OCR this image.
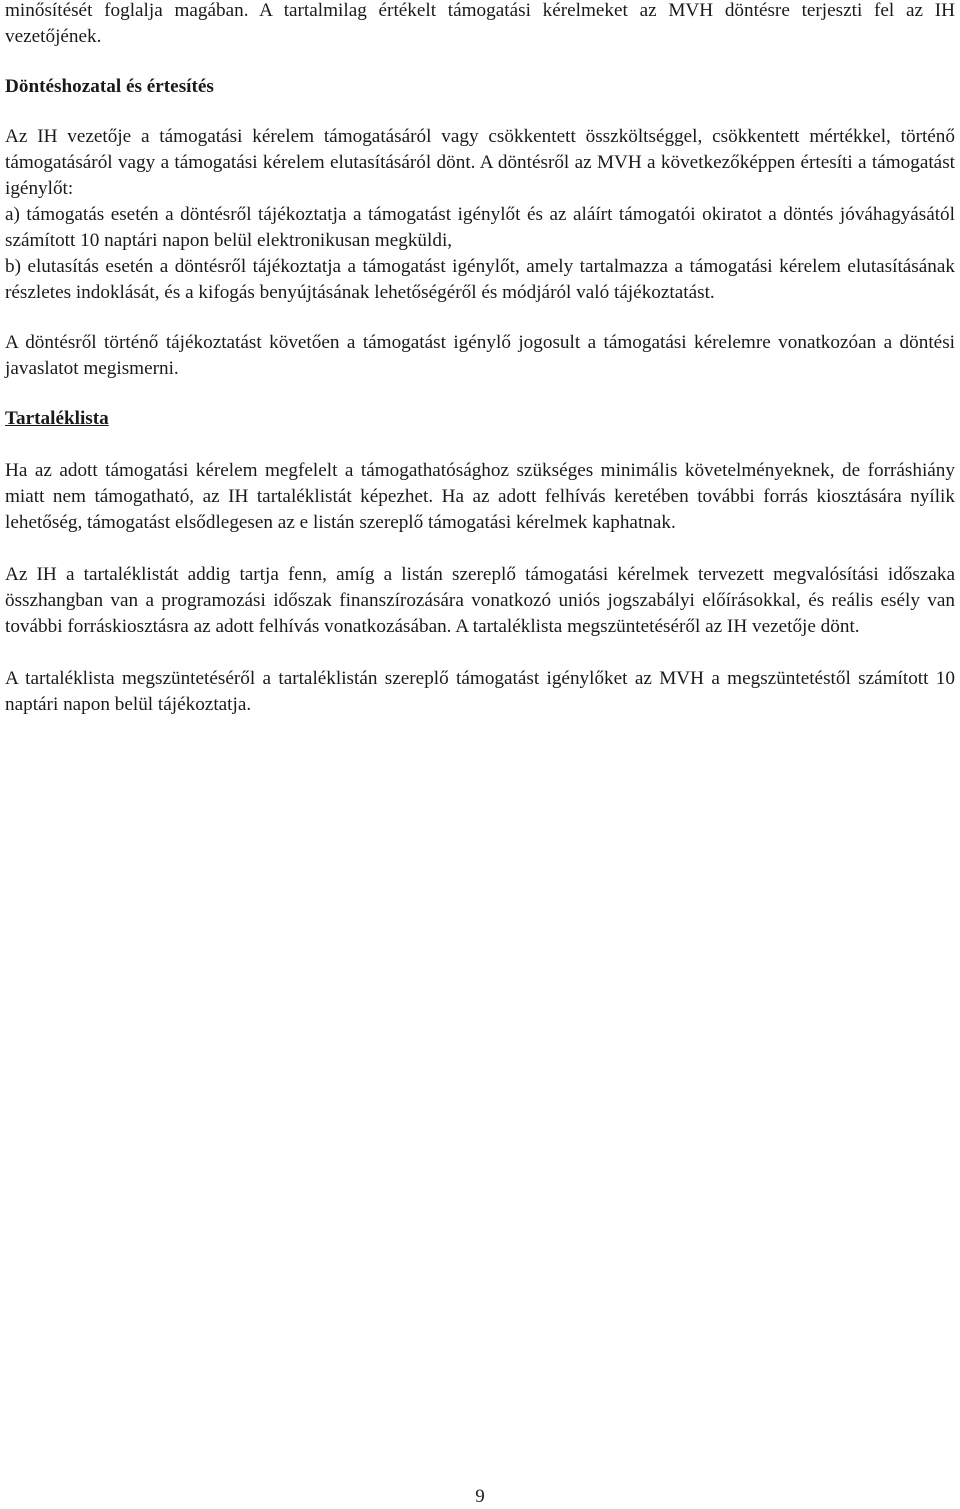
minősítését foglalja magában. A tartalmilag értékelt támogatási kérelmeket az MVH döntésre terjeszti fel az IH vezetőjének.

Döntéshozatal és értesítés

Az IH vezetője a támogatási kérelem támogatásáról vagy csökkentett összköltséggel, csökkentett mértékkel, történő támogatásáról vagy a támogatási kérelem elutasításáról dönt. A döntésről az MVH a következőképpen értesíti a támogatást igénylőt:

a) támogatás esetén a döntésről tájékoztatja a támogatást igénylőt és az aláírt támogatói okiratot a döntés jóváhagyásától számított 10 naptári napon belül elektronikusan megküldi,

b) elutasítás esetén a döntésről tájékoztatja a támogatást igénylőt, amely tartalmazza a támogatási kérelem elutasításának részletes indoklását, és a kifogás benyújtásának lehetőségéről és módjáról való tájékoztatást.

A döntésről történő tájékoztatást követően a támogatást igénylő jogosult a támogatási kérelemre vonatkozóan a döntési javaslatot megismerni.

Tartaléklista

Ha az adott támogatási kérelem megfelelt a támogathatósághoz szükséges minimális követelményeknek, de forráshiány miatt nem támogatható, az IH tartaléklistát képezhet. Ha az adott felhívás keretében további forrás kiosztására nyílik lehetőség, támogatást elsődlegesen az e listán szereplő támogatási kérelmek kaphatnak.

Az IH a tartaléklistát addig tartja fenn, amíg a listán szereplő támogatási kérelmek tervezett megvalósítási időszaka összhangban van a programozási időszak finanszírozására vonatkozó uniós jogszabályi előírásokkal, és reális esély van további forráskiosztásra az adott felhívás vonatkozásában. A tartaléklista megszüntetéséről az IH vezetője dönt.

A tartaléklista megszüntetéséről a tartaléklistán szereplő támogatást igénylőket az MVH a megszüntetéstől számított 10 naptári napon belül tájékoztatja.

9
